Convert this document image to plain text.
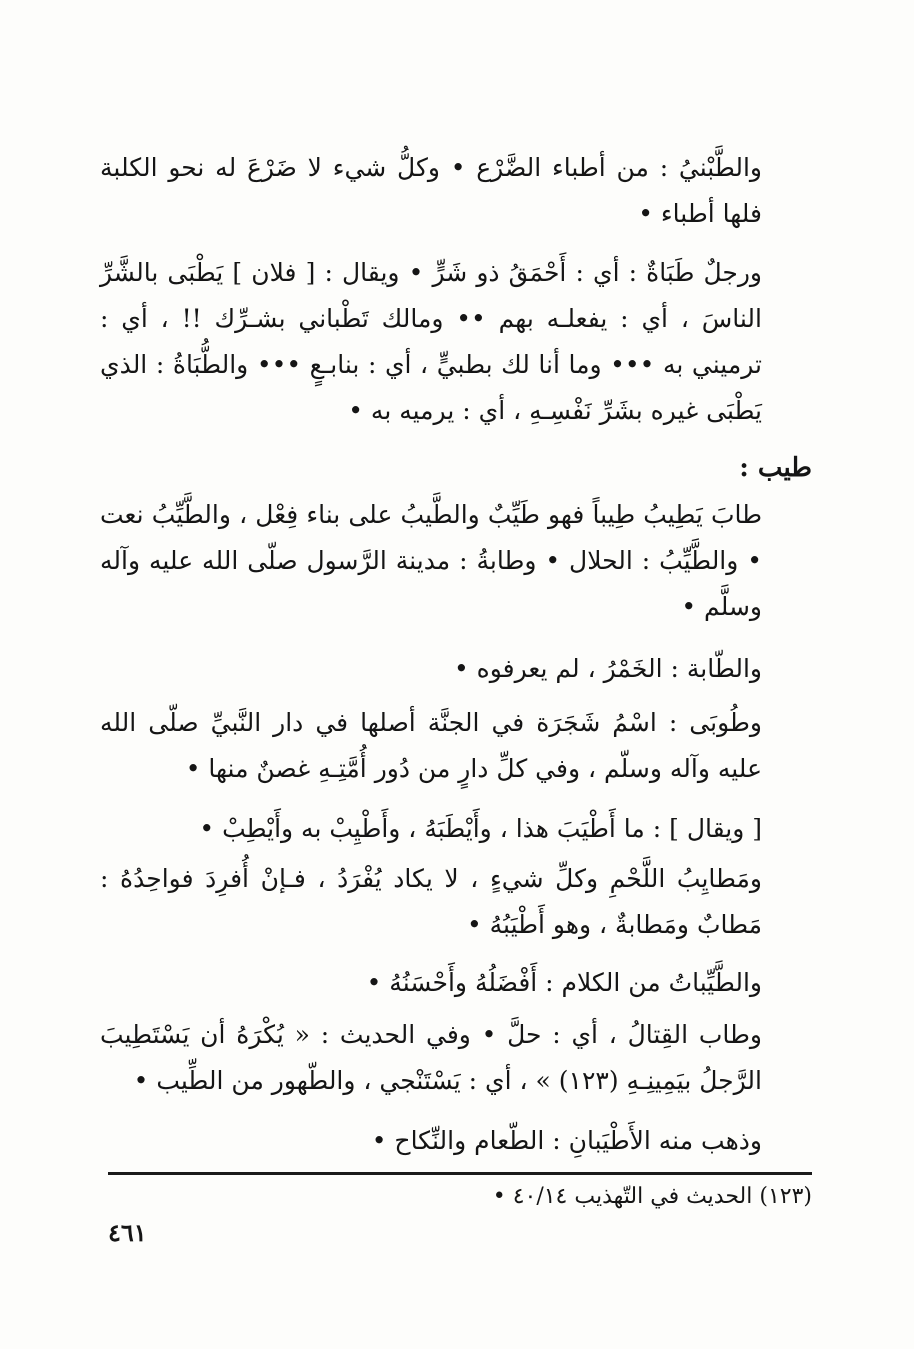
والطَّبْنيُ : من أطباء الضَّرْع • وكلُّ شيء لا ضَرْعَ له نحو الكلبة فلها أطباء •

ورجلٌ طَبَاةٌ : أي : أَحْمَقُ ذو شَرٍّ • ويقال : [ فلان ] يَطْبَى بالشَّرِّ الناسَ ، أي : يفعلـه بهم •• ومالك تَطْباني بشـرِّك !! ، أي : ترميني به ••• وما أنا لك بطبيٍّ ، أي : بنابـعٍ ••• والطُّبَاةُ : الذي يَطْبَى غيره بشَرِّ نَفْسِـهِ ، أي : يرميه به •

طيب :

طابَ يَطِيبُ طِيباً فهو طَيِّبٌ والطَّيبُ على بناء فِعْل ، والطَّيِّبُ نعت • والطَّيِّبُ : الحلال • وطابةُ : مدينة الرَّسول صلّى الله عليه وآله وسلَّم •

والطّابة : الخَمْرُ ، لم يعرفوه •

وطُوبَى : اسْمُ شَجَرَة في الجنَّة أصلها في دار النَّبيِّ صلّى الله عليه وآله وسلّم ، وفي كلِّ دارٍ من دُور أُمَّتِـهِ غصنٌ منها •

[ ويقال ] : ما أَطْيَبَ هذا ، وأَيْطَبَهُ ، وأَطْيِبْ به وأَيْطِبْ •

ومَطايِبُ اللَّحْمِ وكلِّ شيءٍ ، لا يكاد يُفْرَدُ ، فـإنْ أُفرِدَ فواحِدُهُ : مَطابٌ ومَطابةٌ ، وهو أَطْيَبُهُ •

والطَّيِّباتُ من الكلام : أَفْضَلُهُ وأَحْسَنُهُ •

وطاب القِتالُ ، أي : حلَّ • وفي الحديث : « يُكْرَهُ أن يَسْتَطِيبَ الرَّجلُ بيَمِينِـهِ (١٢٣) » ، أي : يَسْتَنْجي ، والطّهور من الطِّيب •

وذهب منه الأَطْيَبانِ : الطّعام والنِّكاح •

(١٢٣) الحديث في التّهذيب ٤٠/١٤ •
٤٦١
